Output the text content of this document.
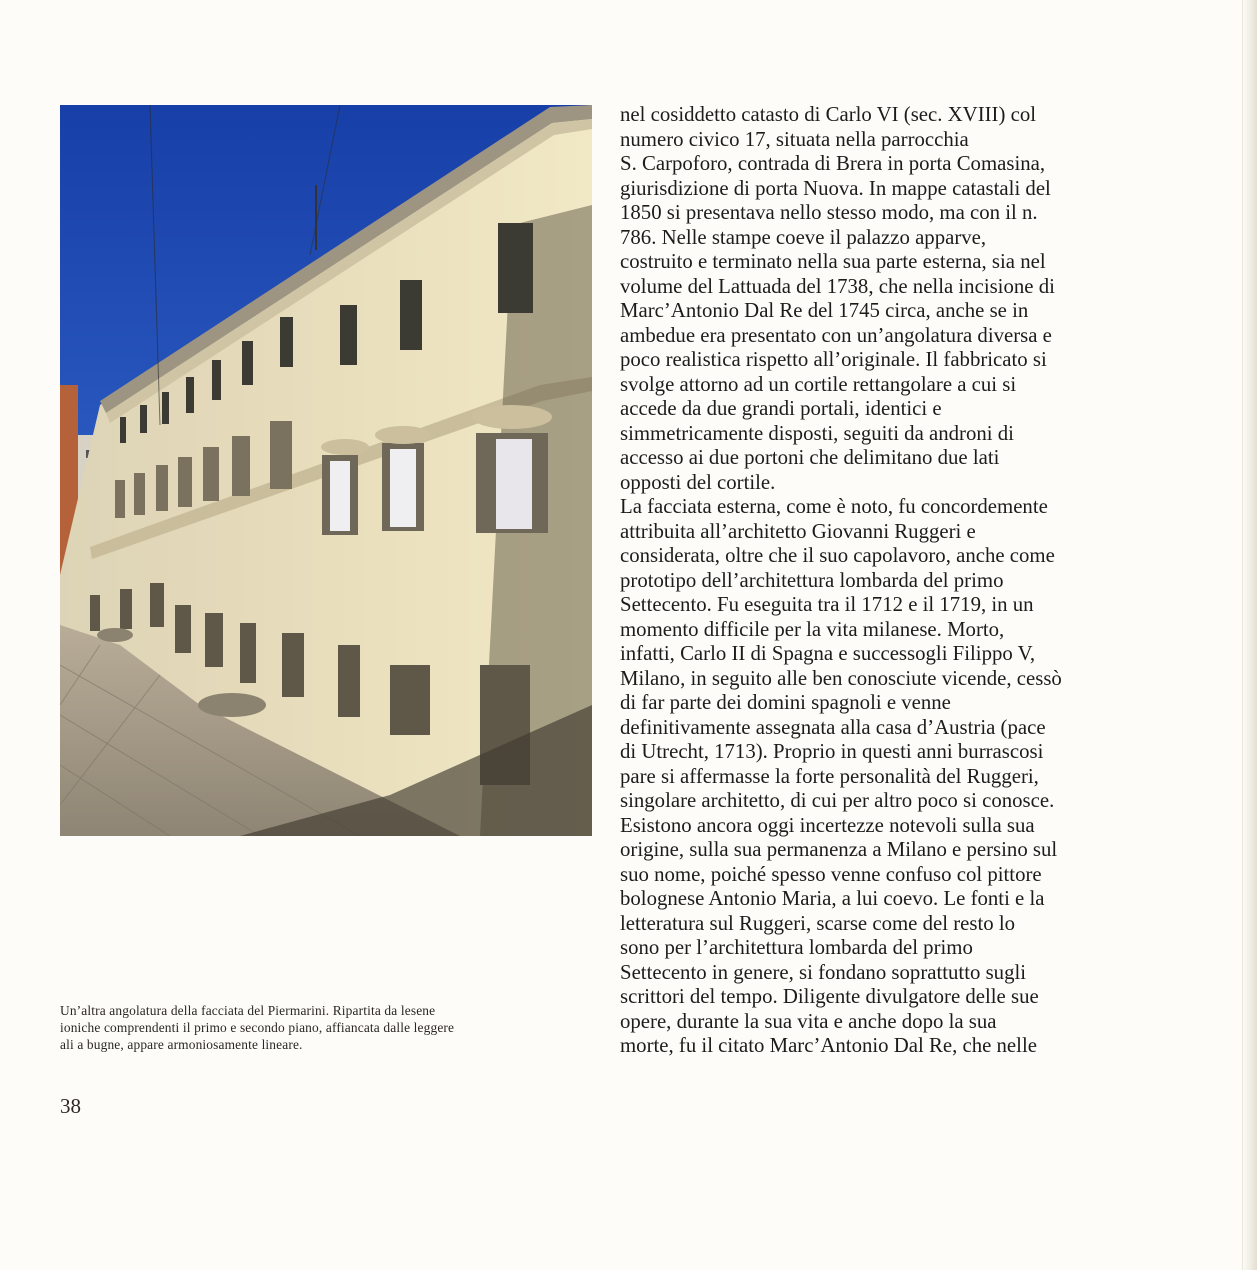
Un’altra angolatura della facciata del Piermarini. Ripartita da lesene

ioniche comprendenti il primo e secondo piano, affiancata dalle leggere

ali a bugne, appare armoniosamente lineare.

nel cosiddetto catasto di Carlo VI (sec. XVIII) col

numero civico 17, situata nella parrocchia

S. Carpoforo, contrada di Brera in porta Comasina,

giurisdizione di porta Nuova. In mappe catastali del

1850 si presentava nello stesso modo, ma con il n.

786. Nelle stampe coeve il palazzo apparve,

costruito e terminato nella sua parte esterna, sia nel

volume del Lattuada del 1738, che nella incisione di

Marc’Antonio Dal Re del 1745 circa, anche se in

ambedue era presentato con un’angolatura diversa e

poco realistica rispetto all’originale. Il fabbricato si

svolge attorno ad un cortile rettangolare a cui si

accede da due grandi portali, identici e

simmetricamente disposti, seguiti da androni di

accesso ai due portoni che delimitano due lati

opposti del cortile.

La facciata esterna, come è noto, fu concordemente

attribuita all’architetto Giovanni Ruggeri e

considerata, oltre che il suo capolavoro, anche come

prototipo dell’architettura lombarda del primo

Settecento. Fu eseguita tra il 1712 e il 1719, in un

momento difficile per la vita milanese. Morto,

infatti, Carlo II di Spagna e successogli Filippo V,

Milano, in seguito alle ben conosciute vicende, cessò

di far parte dei domini spagnoli e venne

definitivamente assegnata alla casa d’Austria (pace

di Utrecht, 1713). Proprio in questi anni burrascosi

pare si affermasse la forte personalità del Ruggeri,

singolare architetto, di cui per altro poco si conosce.

Esistono ancora oggi incertezze notevoli sulla sua

origine, sulla sua permanenza a Milano e persino sul

suo nome, poiché spesso venne confuso col pittore

bolognese Antonio Maria, a lui coevo. Le fonti e la

letteratura sul Ruggeri, scarse come del resto lo

sono per l’architettura lombarda del primo

Settecento in genere, si fondano soprattutto sugli

scrittori del tempo. Diligente divulgatore delle sue

opere, durante la sua vita e anche dopo la sua

morte, fu il citato Marc’Antonio Dal Re, che nelle

38
